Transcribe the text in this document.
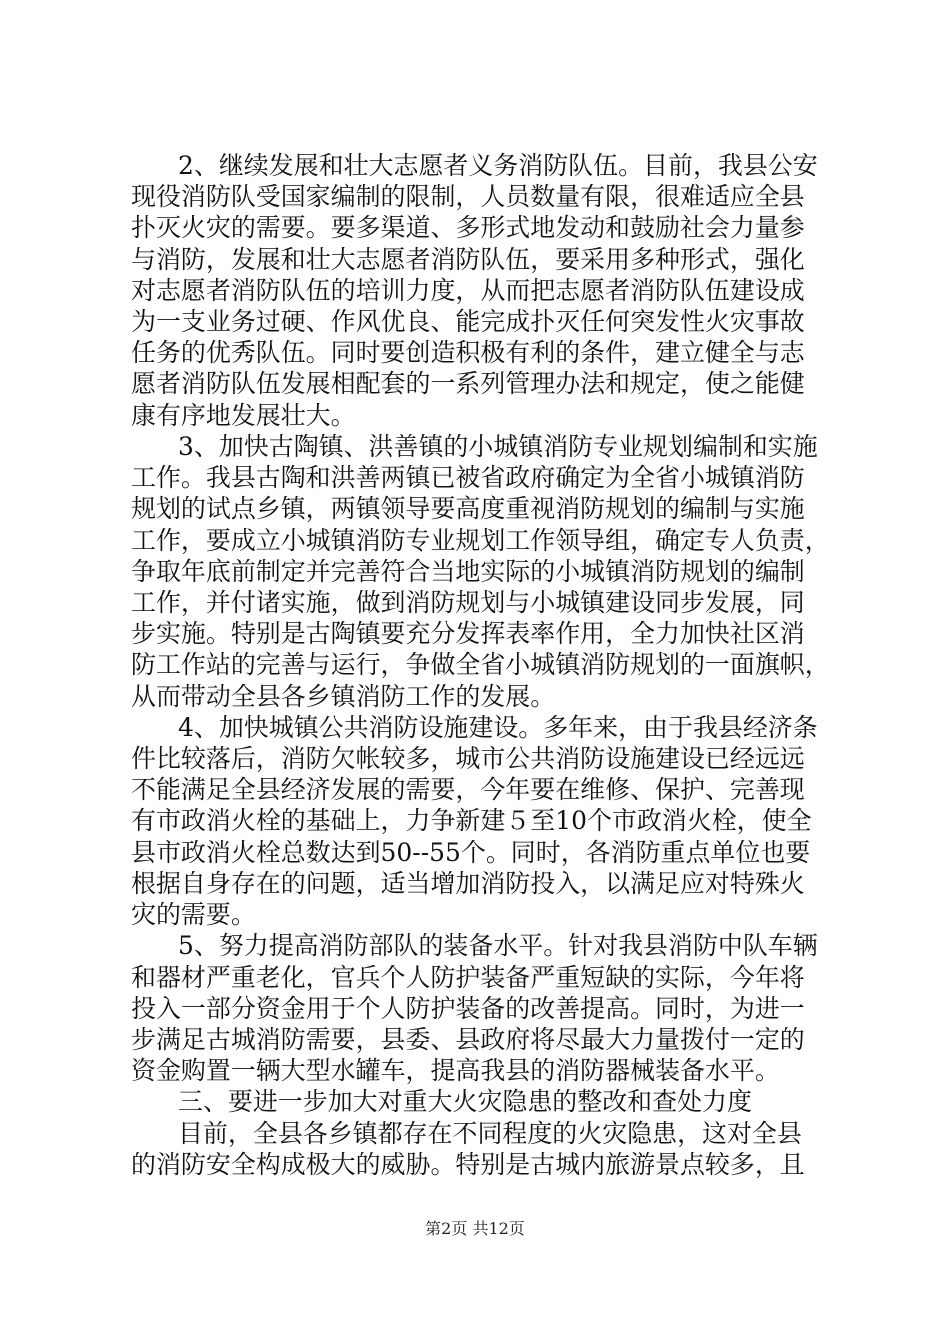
2、继续发展和壮大志愿者义务消防队伍。目前，我县公安
现役消防队受国家编制的限制，人员数量有限，很难适应全县
扑灭火灾的需要。要多渠道、多形式地发动和鼓励社会力量参
与消防，发展和壮大志愿者消防队伍，要采用多种形式，强化
对志愿者消防队伍的培训力度，从而把志愿者消防队伍建设成
为一支业务过硬、作风优良、能完成扑灭任何突发性火灾事故
任务的优秀队伍。同时要创造积极有利的条件，建立健全与志
愿者消防队伍发展相配套的一系列管理办法和规定，使之能健
康有序地发展壮大。
3、加快古陶镇、洪善镇的小城镇消防专业规划编制和实施
工作。我县古陶和洪善两镇已被省政府确定为全省小城镇消防
规划的试点乡镇，两镇领导要高度重视消防规划的编制与实施
工作，要成立小城镇消防专业规划工作领导组，确定专人负责，
争取年底前制定并完善符合当地实际的小城镇消防规划的编制
工作，并付诸实施，做到消防规划与小城镇建设同步发展，同
步实施。特别是古陶镇要充分发挥表率作用，全力加快社区消
防工作站的完善与运行，争做全省小城镇消防规划的一面旗帜，
从而带动全县各乡镇消防工作的发展。
4、加快城镇公共消防设施建设。多年来，由于我县经济条
件比较落后，消防欠帐较多，城市公共消防设施建设已经远远
不能满足全县经济发展的需要，今年要在维修、保护、完善现
有市政消火栓的基础上，力争新建５至10个市政消火栓，使全
县市政消火栓总数达到50--55个。同时，各消防重点单位也要
根据自身存在的问题，适当增加消防投入，以满足应对特殊火
灾的需要。
5、努力提高消防部队的装备水平。针对我县消防中队车辆
和器材严重老化，官兵个人防护装备严重短缺的实际，今年将
投入一部分资金用于个人防护装备的改善提高。同时，为进一
步满足古城消防需要，县委、县政府将尽最大力量拨付一定的
资金购置一辆大型水罐车，提高我县的消防器械装备水平。
三、要进一步加大对重大火灾隐患的整改和查处力度
目前，全县各乡镇都存在不同程度的火灾隐患，这对全县
的消防安全构成极大的威胁。特别是古城内旅游景点较多，且
第2页 共12页
